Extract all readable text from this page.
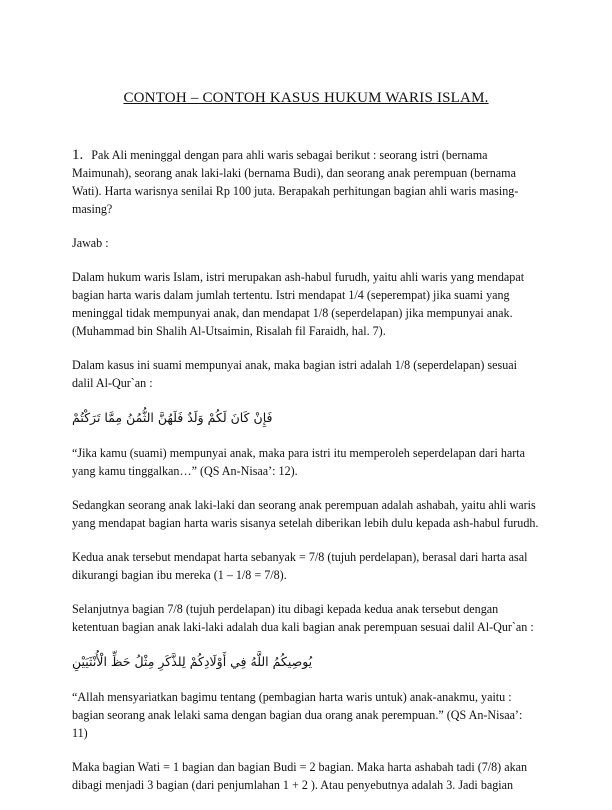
CONTOH – CONTOH KASUS HUKUM WARIS ISLAM.

1. Pak Ali meninggal dengan para ahli waris sebagai berikut : seorang istri (bernama Maimunah), seorang anak laki-laki (bernama Budi), dan seorang anak perempuan (bernama Wati). Harta warisnya senilai Rp 100 juta. Berapakah perhitungan bagian ahli waris masing-masing?

Jawab :

Dalam hukum waris Islam, istri merupakan ash-habul furudh, yaitu ahli waris yang mendapat bagian harta waris dalam jumlah tertentu. Istri mendapat 1/4 (seperempat) jika suami yang meninggal tidak mempunyai anak, dan mendapat 1/8 (seperdelapan) jika mempunyai anak. (Muhammad bin Shalih Al-Utsaimin, Risalah fil Faraidh, hal. 7).

Dalam kasus ini suami mempunyai anak, maka bagian istri adalah 1/8 (seperdelapan) sesuai dalil Al-Qur`an :

فَإِنْ كَانَ لَكُمْ وَلَدٌ فَلَهُنَّ الثُّمُنُ مِمَّا تَرَكْتُمْ

“Jika kamu (suami) mempunyai anak, maka para istri itu memperoleh seperdelapan dari harta yang kamu tinggalkan…” (QS An-Nisaa’: 12).

Sedangkan seorang anak laki-laki dan seorang anak perempuan adalah ashabah, yaitu ahli waris yang mendapat bagian harta waris sisanya setelah diberikan lebih dulu kepada ash-habul furudh.

Kedua anak tersebut mendapat harta sebanyak = 7/8 (tujuh perdelapan), berasal dari harta asal dikurangi bagian ibu mereka (1 – 1/8 = 7/8).

Selanjutnya bagian 7/8 (tujuh perdelapan) itu dibagi kepada kedua anak tersebut dengan ketentuan bagian anak laki-laki adalah dua kali bagian anak perempuan sesuai dalil Al-Qur`an :

يُوصِيكُمُ اللَّهُ فِي أَوْلَادِكُمْ لِلذَّكَرِ مِثْلُ حَظِّ الْأُنْثَيَيْنِ

“Allah mensyariatkan bagimu tentang (pembagian harta waris untuk) anak-anakmu, yaitu : bagian seorang anak lelaki sama dengan bagian dua orang anak perempuan.” (QS An-Nisaa’: 11)

Maka bagian Wati = 1 bagian dan bagian Budi = 2 bagian. Maka harta ashabah tadi (7/8) akan dibagi menjadi 3 bagian (dari penjumlahan 1 + 2 ). Atau penyebutnya adalah 3. Jadi bagian
